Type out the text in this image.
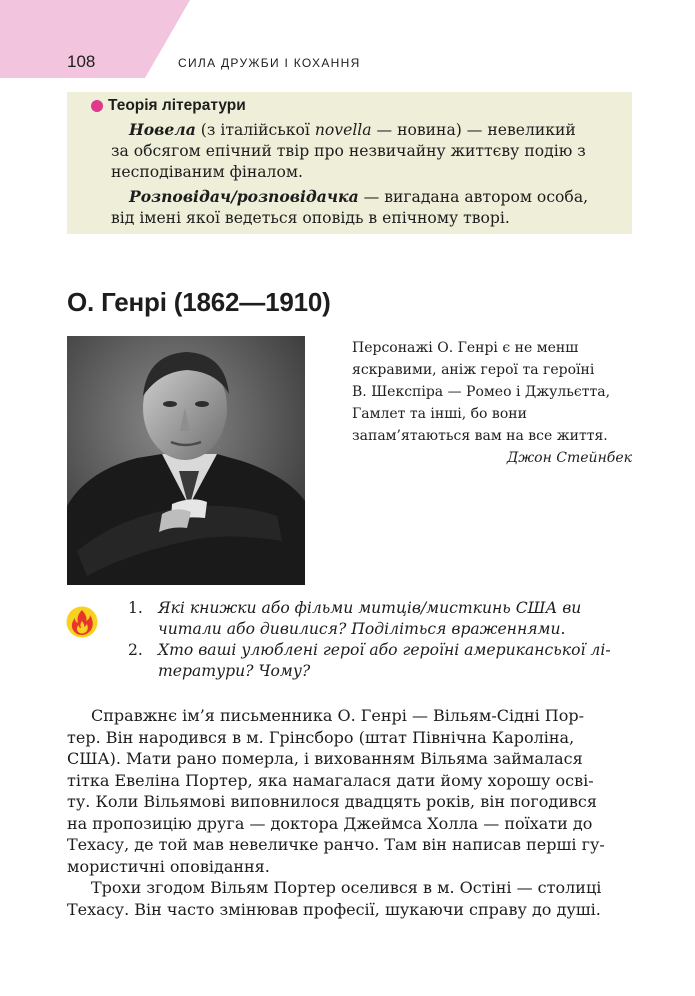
108	СИЛА ДРУЖБИ І КОХАННЯ
Теорія літератури

Новела (з італійської novella — новина) — невеликий
за обсягом епічний твір про незвичайну життєву подію з
несподіваним фіналом.

Розповідач/розповідачка — вигадана автором особа,
від імені якої ведеться оповідь в епічному творі.

О. Генрі (1862—1910)
Персонажі О. Генрі є не менш
яскравими, аніж герої та героїні
В. Шекспіра — Ромео і Джульєтта,
Гамлет та інші, бо вони
запам’ятаються вам на все життя.
Джон Стейнбек
1. Які книжки або фільми митців/мисткинь США ви
читали або дивилися? Поділіться враженнями.
2. Хто ваші улюблені герої або героїні американської лі-
тератури? Чому?

Справжнє ім’я письменника О. Генрі — Вільям-Сідні Пор-
тер. Він народився в м. Грінсборо (штат Північна Кароліна,
США). Мати рано померла, і вихованням Вільяма займалася
тітка Евеліна Портер, яка намагалася дати йому хорошу осві-
ту. Коли Вільямові виповнилося двадцять років, він погодився
на пропозицію друга — доктора Джеймса Холла — поїхати до
Техасу, де той мав невеличке ранчо. Там він написав перші гу-
мористичні оповідання.

Трохи згодом Вільям Портер оселився в м. Остіні — столиці
Техасу. Він часто змінював професії, шукаючи справу до душі.
